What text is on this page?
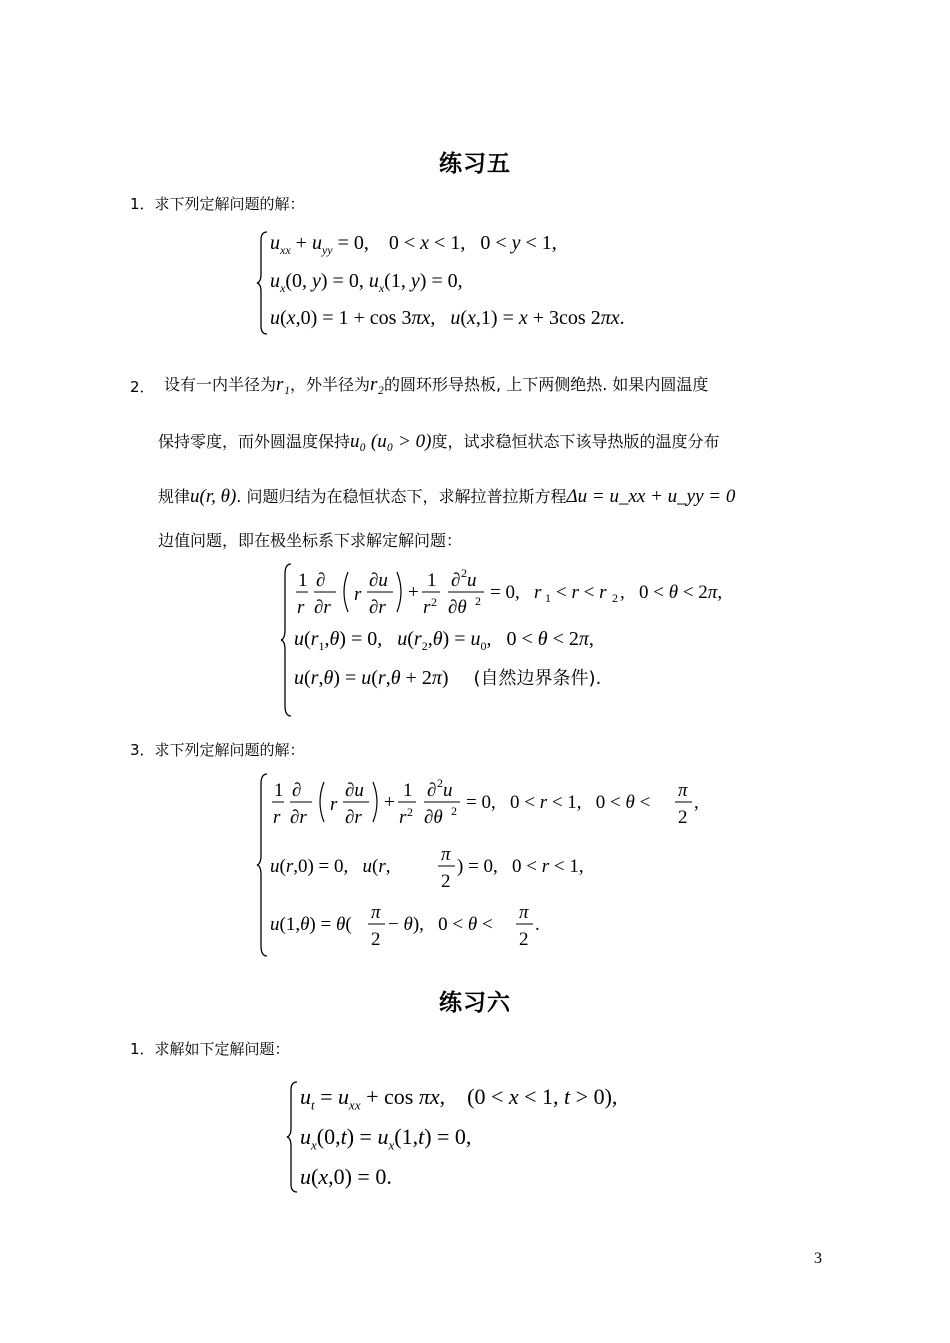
练习五
1．求下列定解问题的解：
$u_{xx} + u_{yy} = 0$,    0 < x < 1,   0 < y < 1,
$u_x(0$, y) = 0, $u_x(1$, y) = 0,
u(x,0) = 1 + cos 3πx,   u(x,1) = x + 3cos 2πx.
2． 设有一内半径为r₁，外半径为r₂的圆环形导热板, 上下两侧绝热. 如果内圆温度
保持零度，而外圆温度保持u₀ (u₀ > 0)度，试求稳恒状态下该导热版的温度分布
规律u(r, θ). 问题归结为在稳恒状态下，求解拉普拉斯方程Δu = u_xx + u_yy = 0
边值问题，即在极坐标系下求解定解问题：
1
r
∂
∂r
r
∂u
∂r
+
1
r 2
∂ 2 u
∂θ 2 = 0,   r 1 < r < r 2 ,   0 < θ < 2π,
$u(r_1,\theta) = 0$,   $u(r_2,\theta) = u_0$,   0 < θ < 2π,
u(r,θ) = u(r,θ + 2π)     (自然边界条件).
3．求下列定解问题的解：
1
r
∂
∂r
r
∂u
∂r
+
1
r 2
∂ 2 u
∂θ 2 = 0,   0 < r < 1,   0 < θ <
π
2
,
u(r,0) = 0,   u(r,
π
2
) = 0,   0 < r < 1,
u(1,θ) = θ(
π
2
− θ),   0 < θ <
π
2
.
练习六
1．求解如下定解问题：
$u_t = u_{xx} + \cos \pi x$,    (0 < x < 1, t > 0),
$u_x(0,t) = u_x(1,t) = 0$,
u(x,0) = 0.
3
